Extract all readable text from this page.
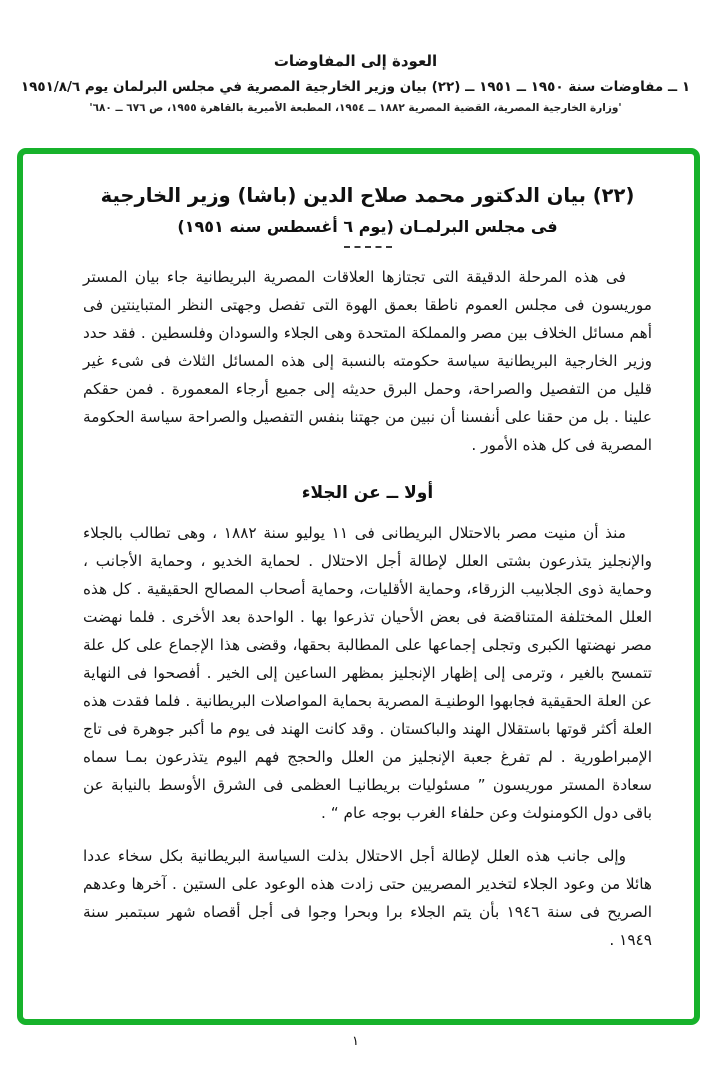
العودة إلى المفاوضات
١ ــ مفاوضات سنة ١٩٥٠ ــ ١٩٥١ ــ (٢٢) بيان وزير الخارجية المصرية في مجلس البرلمان يوم ١٩٥١/٨/٦
'وزارة الخارجية المصرية، القضية المصرية ١٨٨٢ ــ ١٩٥٤، المطبعة الأميرية بالقاهرة ١٩٥٥، ص ٦٧٦ ــ ٦٨٠'
(٢٢) بيان الدكتور محمد صلاح الدين (باشا) وزير الخارجية
فى مجلس البرلمـان (يوم ٦ أغسطس سنه ١٩٥١)

فى هذه المرحلة الدقيقة التى تجتازها العلاقات المصرية البريطانية جاء بيان المستر موريسون فى مجلس العموم ناطقا بعمق الهوة التى تفصل وجهتى النظر المتباينتين فى أهم مسائل الخلاف بين مصر والمملكة المتحدة وهى الجلاء والسودان وفلسطين . فقد حدد وزير الخارجية البريطانية سياسة حكومته بالنسبة إلى هذه المسائل الثلاث فى شىء غير قليل من التفصيل والصراحة، وحمل البرق حديثه إلى جميع أرجاء المعمورة . فمن حقكم علينا . بل من حقنا على أنفسنا أن نبين من جهتنا بنفس التفصيل والصراحة سياسة الحكومة المصرية فى كل هذه الأمور .

أولا ــ عن الجلاء

منذ أن منيت مصر بالاحتلال البريطانى فى ١١ يوليو سنة ١٨٨٢ ، وهى تطالب بالجلاء والإنجليز يتذرعون بشتى العلل لإطالة أجل الاحتلال . لحماية الخديو ، وحماية الأجانب ، وحماية ذوى الجلابيب الزرقاء، وحماية الأقليات، وحماية أصحاب المصالح الحقيقية . كل هذه العلل المختلفة المتناقضة فى بعض الأحيان تذرعوا بها . الواحدة بعد الأخرى . فلما نهضت مصر نهضتها الكبرى وتجلى إجماعها على المطالبة بحقها، وقضى هذا الإجماع على كل علة تتمسح بالغير ، وترمى إلى إظهار الإنجليز بمظهر الساعين إلى الخير . أفصحوا فى النهاية عن العلة الحقيقية فجابهوا الوطنيـة المصرية بحماية المواصلات البريطانية . فلما فقدت هذه العلة أكثر قوتها باستقلال الهند والباكستان . وقد كانت الهند فى يوم ما أكبر جوهرة فى تاج الإمبراطورية . لم تفرغ جعبة الإنجليز من العلل والحجج فهم اليوم يتذرعون بمـا سماه سعادة المستر موريسون ” مسئوليات بريطانيـا العظمى فى الشرق الأوسط بالنيابة عن باقى دول الكومنولث وعن حلفاء الغرب بوجه عام “ .

وإلى جانب هذه العلل لإطالة أجل الاحتلال بذلت السياسة البريطانية بكل سخاء عددا هائلا من وعود الجلاء لتخدير المصريين حتى زادت هذه الوعود على الستين . آخرها وعدهم الصريح فى سنة ١٩٤٦ بأن يتم الجلاء برا وبحرا وجوا فى أجل أقصاه شهر سبتمبر سنة ١٩٤٩ .

١
